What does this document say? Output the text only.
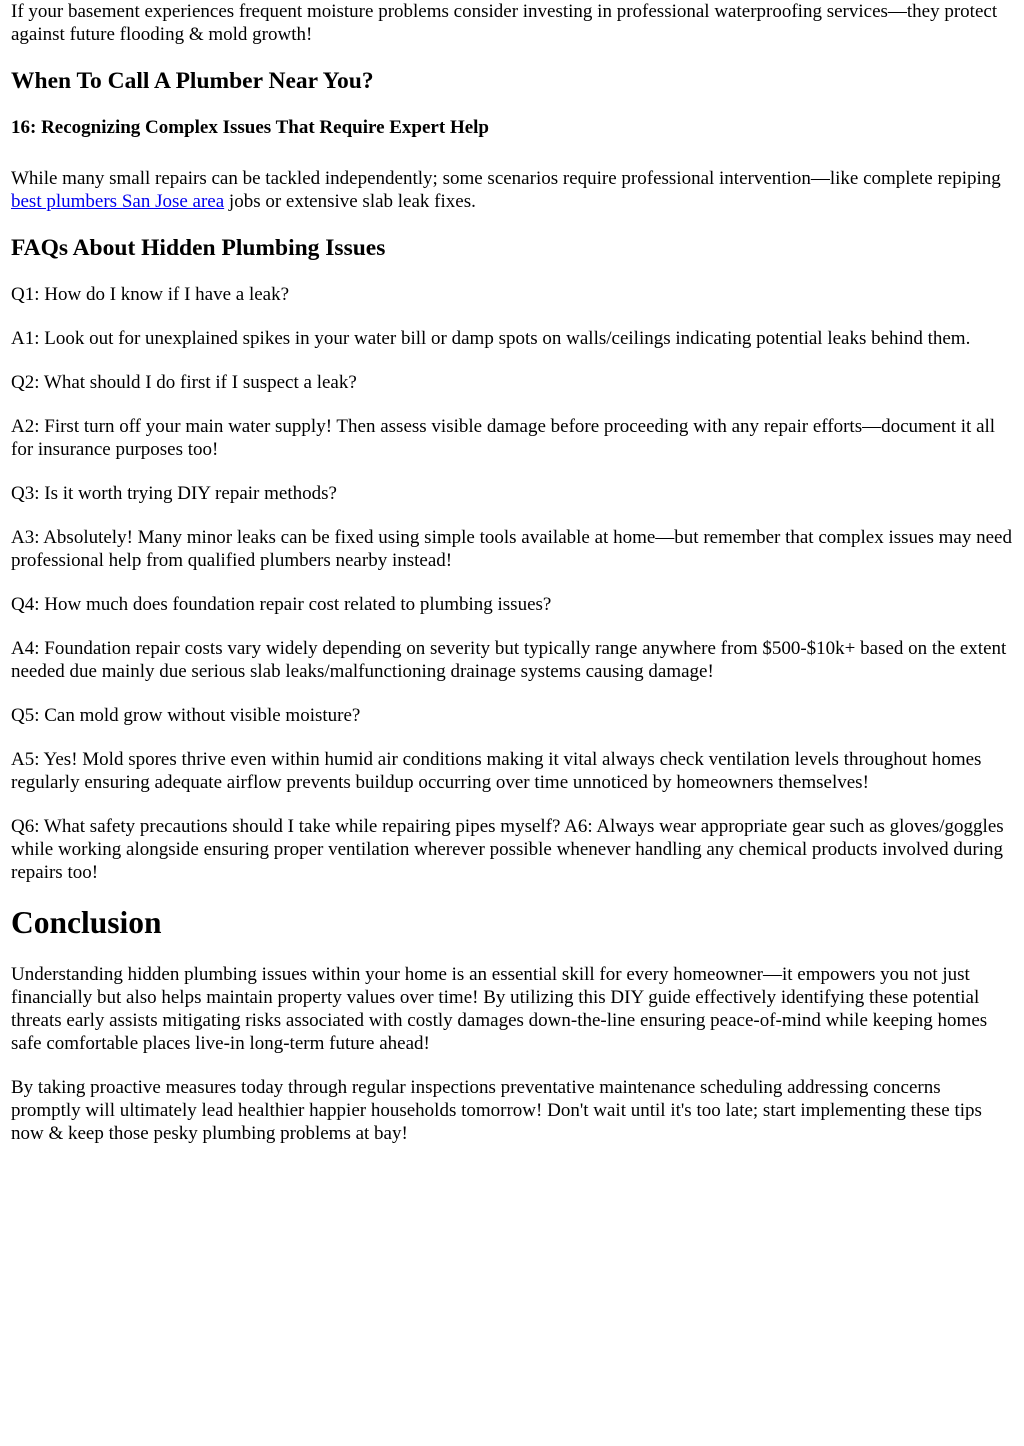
If your basement experiences frequent moisture problems consider investing in professional waterproofing services—they protect against future flooding & mold growth!

When To Call A Plumber Near You?
16: Recognizing Complex Issues That Require Expert Help

While many small repairs can be tackled independently; some scenarios require professional intervention—like complete repiping best plumbers San Jose area jobs or extensive slab leak fixes.

FAQs About Hidden Plumbing Issues

Q1: How do I know if I have a leak?

A1: Look out for unexplained spikes in your water bill or damp spots on walls/ceilings indicating potential leaks behind them.

Q2: What should I do first if I suspect a leak?

A2: First turn off your main water supply! Then assess visible damage before proceeding with any repair efforts—document it all for insurance purposes too!

Q3: Is it worth trying DIY repair methods?

A3: Absolutely! Many minor leaks can be fixed using simple tools available at home—but remember that complex issues may need professional help from qualified plumbers nearby instead!

Q4: How much does foundation repair cost related to plumbing issues?

A4: Foundation repair costs vary widely depending on severity but typically range anywhere from $500-$10k+ based on the extent needed due mainly due serious slab leaks/malfunctioning drainage systems causing damage!

Q5: Can mold grow without visible moisture?

A5: Yes! Mold spores thrive even within humid air conditions making it vital always check ventilation levels throughout homes regularly ensuring adequate airflow prevents buildup occurring over time unnoticed by homeowners themselves!

Q6: What safety precautions should I take while repairing pipes myself? A6: Always wear appropriate gear such as gloves/goggles while working alongside ensuring proper ventilation wherever possible whenever handling any chemical products involved during repairs too!

Conclusion

Understanding hidden plumbing issues within your home is an essential skill for every homeowner—it empowers you not just financially but also helps maintain property values over time! By utilizing this DIY guide effectively identifying these potential threats early assists mitigating risks associated with costly damages down-the-line ensuring peace-of-mind while keeping homes safe comfortable places live-in long-term future ahead!

By taking proactive measures today through regular inspections preventative maintenance scheduling addressing concerns promptly will ultimately lead healthier happier households tomorrow! Don't wait until it's too late; start implementing these tips now & keep those pesky plumbing problems at bay!
